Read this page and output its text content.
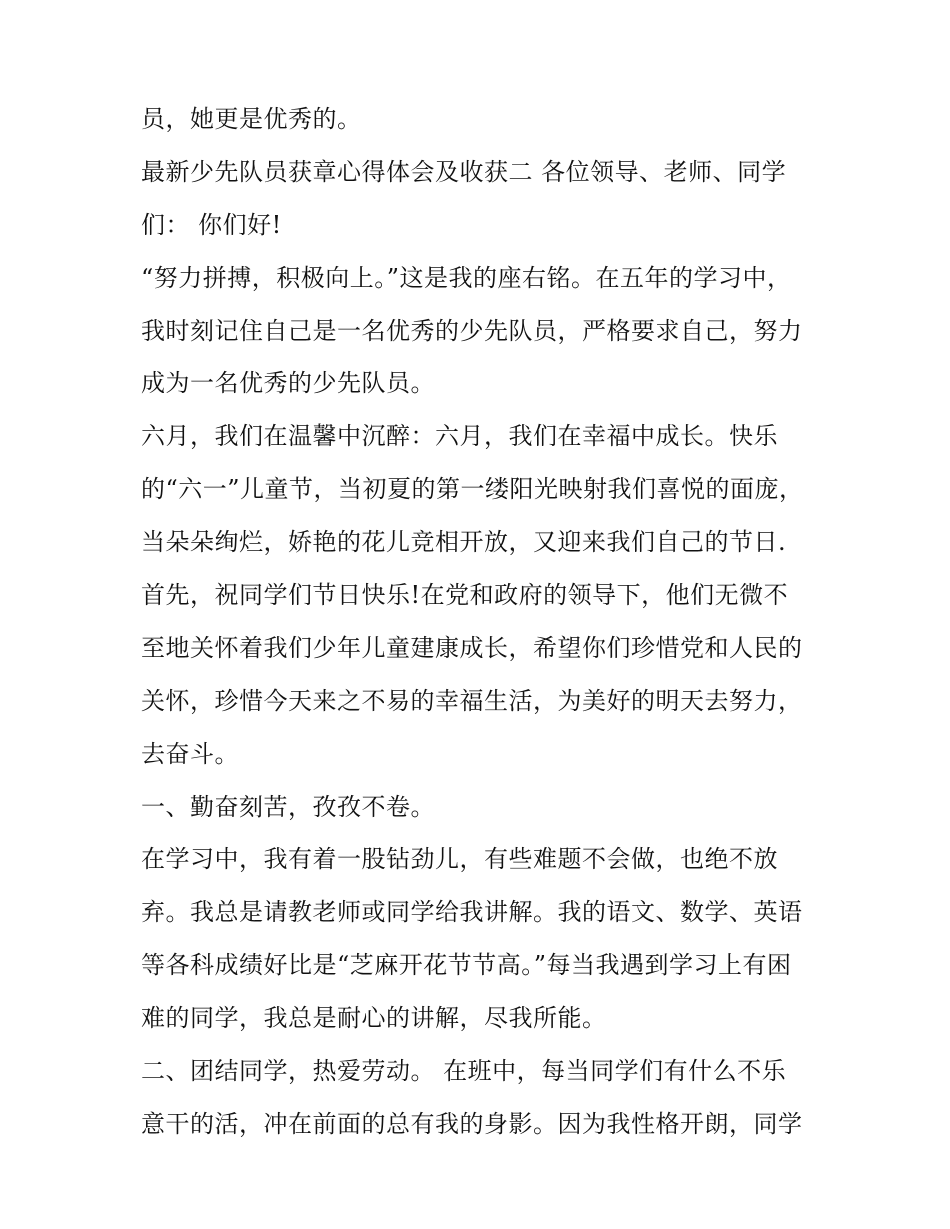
员，她更是优秀的。
最新少先队员获章心得体会及收获二 各位领导、老师、同学
们： 你们好!
“努力拼搏，积极向上。”这是我的座右铭。在五年的学习中，
我时刻记住自己是一名优秀的少先队员，严格要求自己，努力
成为一名优秀的少先队员。
六月，我们在温馨中沉醉：六月，我们在幸福中成长。快乐
的“六一”儿童节，当初夏的第一缕阳光映射我们喜悦的面庞，
当朵朵绚烂，娇艳的花儿竞相开放，又迎来我们自己的节日.
首先，祝同学们节日快乐!在党和政府的领导下，他们无微不
至地关怀着我们少年儿童建康成长，希望你们珍惜党和人民的
关怀，珍惜今天来之不易的幸福生活，为美好的明天去努力，
去奋斗。
一、勤奋刻苦，孜孜不卷。
在学习中，我有着一股钻劲儿，有些难题不会做，也绝不放
弃。我总是请教老师或同学给我讲解。我的语文、数学、英语
等各科成绩好比是“芝麻开花节节高。”每当我遇到学习上有困
难的同学，我总是耐心的讲解，尽我所能。
二、团结同学，热爱劳动。 在班中，每当同学们有什么不乐
意干的活，冲在前面的总有我的身影。因为我性格开朗，同学
